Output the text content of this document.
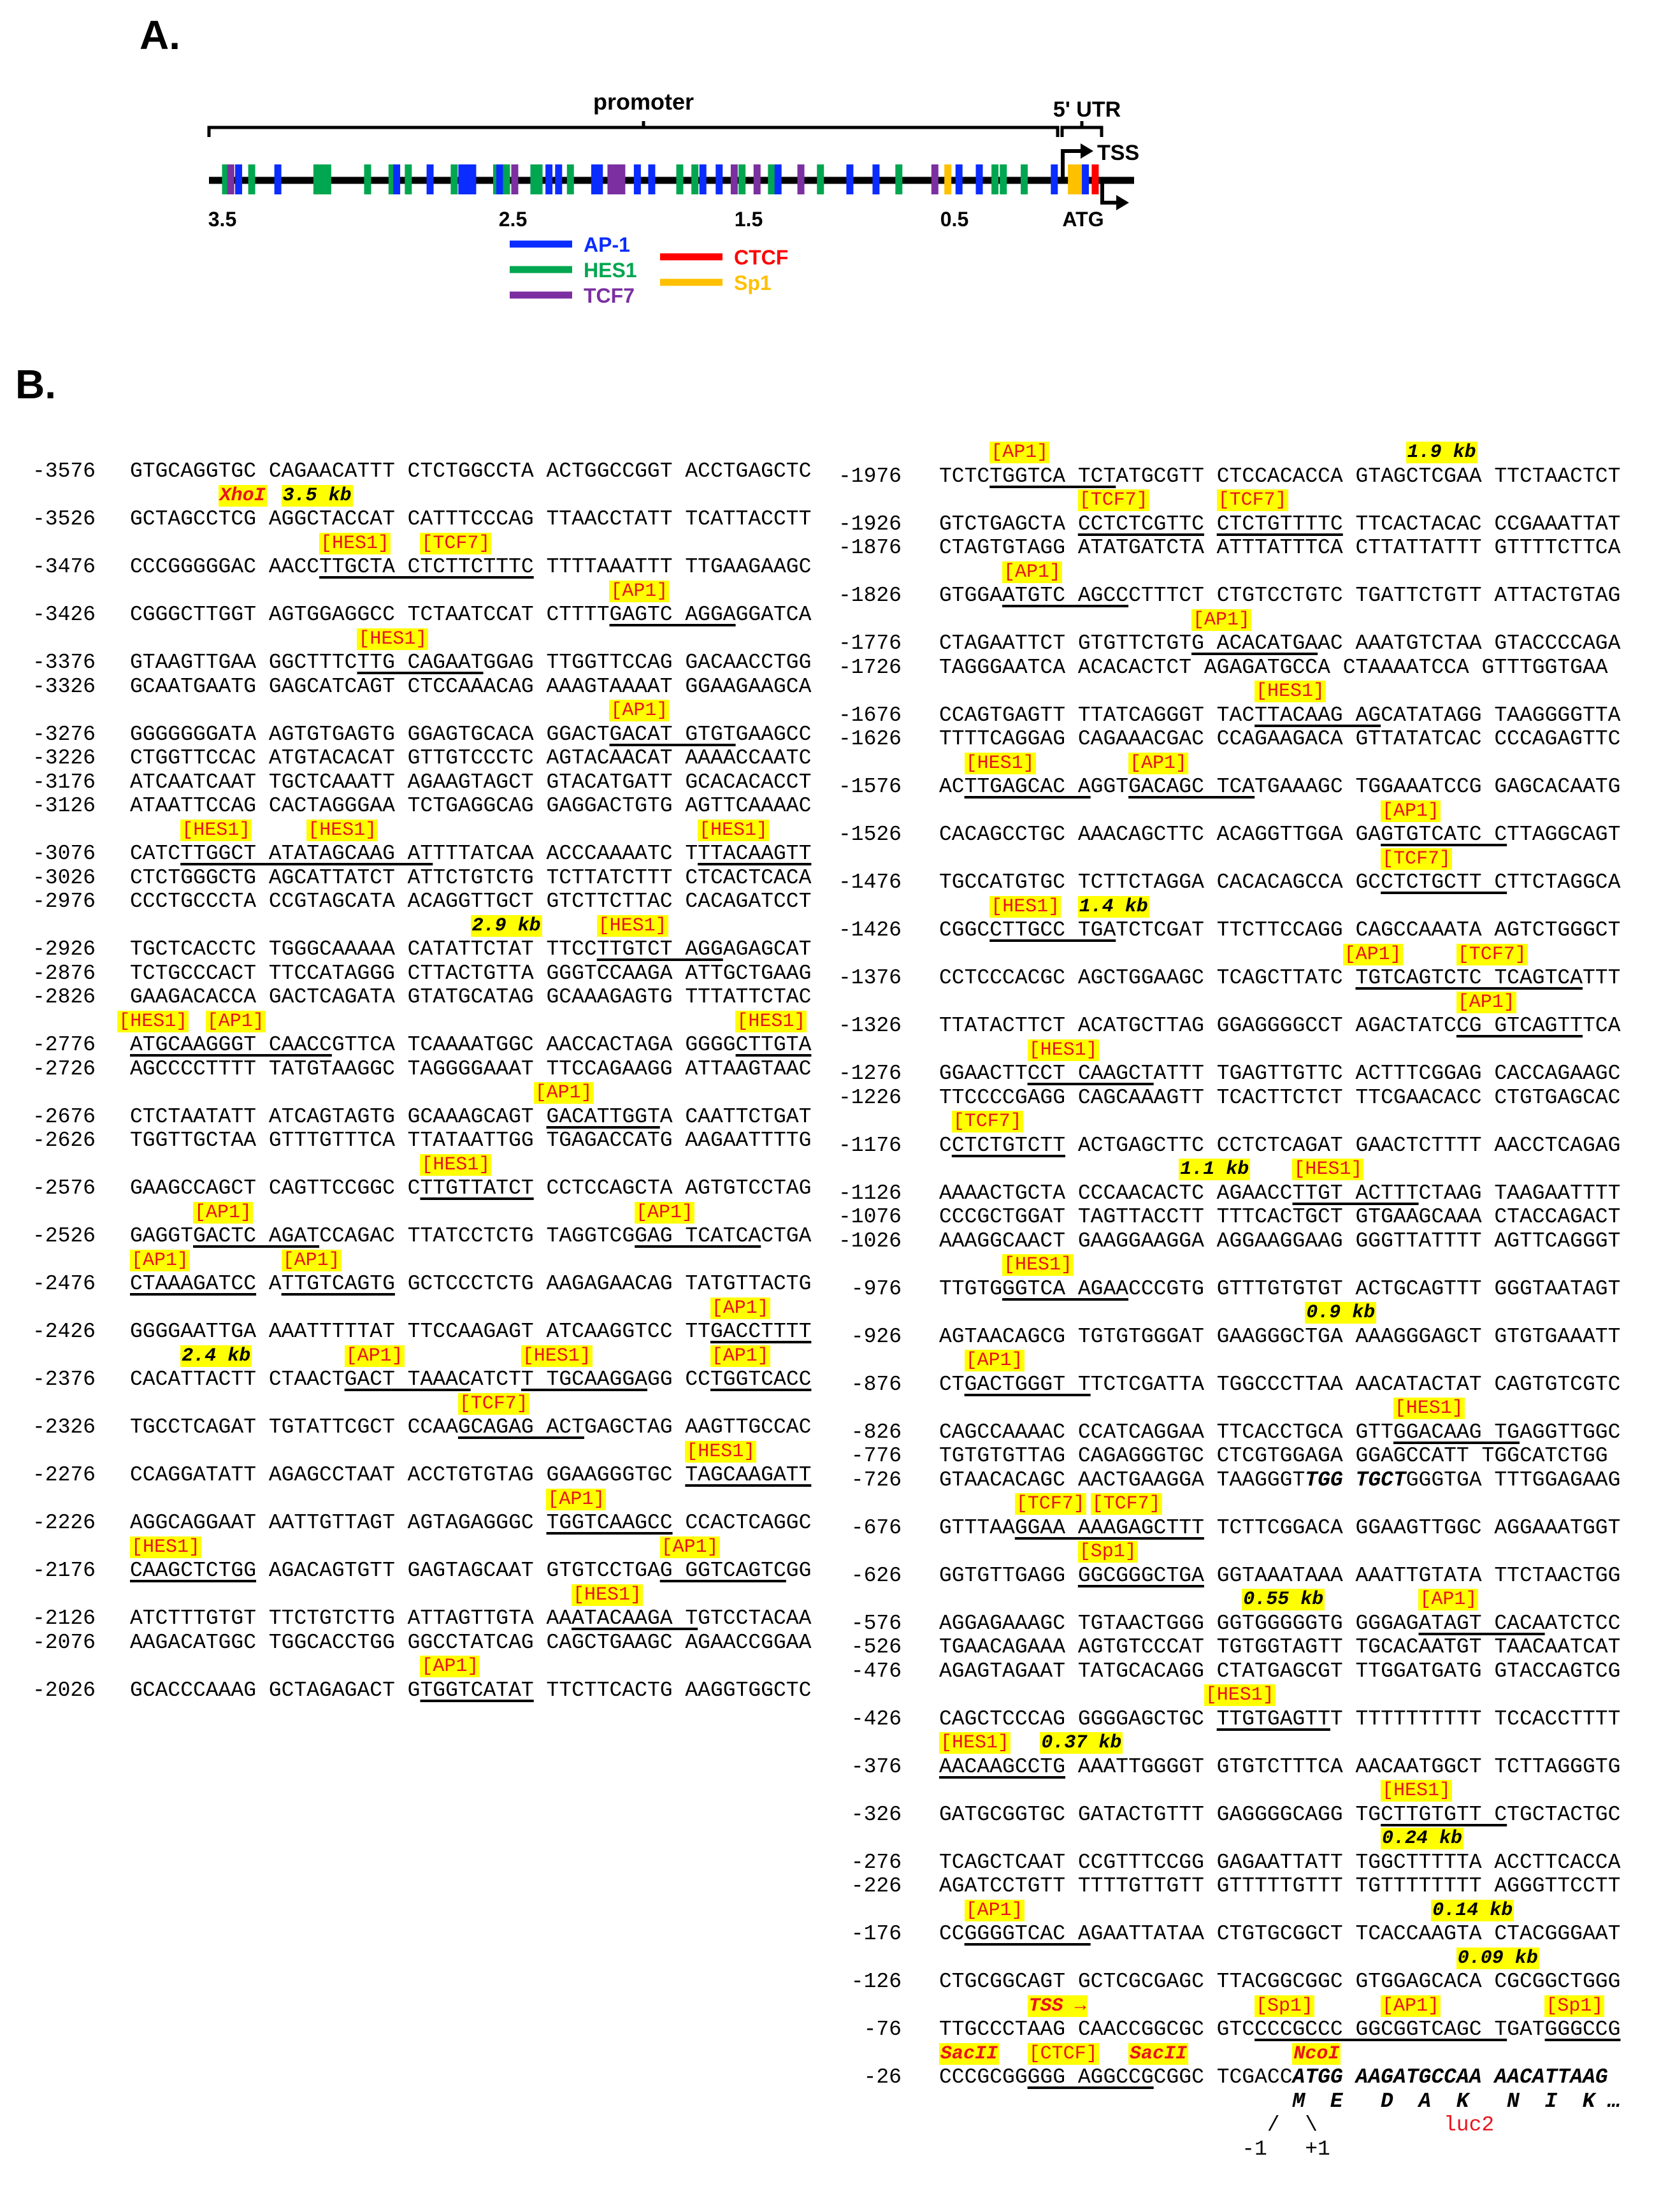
A.
promoter	5' UTR
TSS
3.5	2.5	1.5	0.5	ATG
AP-1
HES1
TCF7
CTCF
Sp1
B.
-3576 GTGCAGGTGC CAGAACATTT CTCTGGCCTA ACTGGCCGGT ACCTGAGCTC
XhoI 3.5 kb
-3526 GCTAGCCTCG AGGCTACCAT CATTTCCCAG TTAACCTATT TCATTACCTT
[HES1] [TCF7]
-3476 CCCGGGGGAC AACCTTGCTA CTCTTCTTTC TTTTAAATTT TTGAAGAAGC
[AP1]
-3426 CGGGCTTGGT AGTGGAGGCC TCTAATCCAT CTTTTGAGTC AGGAGGATCA
[HES1]
-3376 GTAAGTTGAA GGCTTTCTTG CAGAATGGAG TTGGTTCCAG GACAACCTGG
-3326 GCAATGAATG GAGCATCAGT CTCCAAACAG AAAGTAAAAT GGAAGAAGCA
[AP1]
-3276 GGGGGGGATA AGTGTGAGTG GGAGTGCACA GGACTGACAT GTGTGAAGCC
-3226 CTGGTTCCAC ATGTACACAT GTTGTCCCTC AGTACAACAT AAAACCAATC
-3176 ATCAATCAAT TGCTCAAATT AGAAGTAGCT GTACATGATT GCACACACCT
-3126 ATAATTCCAG CACTAGGGAA TCTGAGGCAG GAGGACTGTG AGTTCAAAAC
[HES1]	[HES1]	[HES1]
-3076 CATCTTGGCT ATATAGCAAG ATTTTATCAA ACCCAAAATC TTTACAAGTT
-3026 CTCTGGGCTG AGCATTATCT ATTCTGTCTG TCTTATCTTT CTCACTCACA
-2976 CCCTGCCCTA CCGTAGCATA ACAGGTTGCT GTCTTCTTAC CACAGATCCT
2.9 kb	[HES1]
-2926 TGCTCACCTC TGGGCAAAAA CATATTCTAT TTCCTTGTCT AGGAGAGCAT
-2876 TCTGCCCACT TTCCATAGGG CTTACTGTTA GGGTCCAAGA ATTGCTGAAG
-2826 GAAGACACCA GACTCAGATA GTATGCATAG GCAAAGAGTG TTTATTCTAC
[HES1] [AP1]	[HES1]
-2776 ATGCAAGGGT CAACCGTTCA TCAAAATGGC AACCACTAGA GGGGCTTGTA
-2726 AGCCCCTTTT TATGTAAGGC TAGGGGAAAT TTCCAGAAGG ATTAAGTAAC
[AP1]
-2676 CTCTAATATT ATCAGTAGTG GCAAAGCAGT GACATTGGTA CAATTCTGAT
-2626 TGGTTGCTAA GTTTGTTTCA TTATAATTGG TGAGACCATG AAGAATTTTG
[HES1]
-2576 GAAGCCAGCT CAGTTCCGGC CTTGTTATCT CCTCCAGCTA AGTGTCCTAG
[AP1]	[AP1]
-2526 GAGGTGACTC AGATCCAGAC TTATCCTCTG TAGGTCGGAG TCATCACTGA
[AP1]	[AP1]
-2476 CTAAAGATCC ATTGTCAGTG GCTCCCTCTG AAGAGAACAG TATGTTACTG
[AP1]
-2426 GGGGAATTGA AAATTTTTAT TTCCAAGAGT ATCAAGGTCC TTGACCTTTT
2.4 kb	[AP1]	[HES1]	[AP1]
-2376 CACATTACTT CTAACTGACT TAAACATCTT TGCAAGGAGG CCTGGTCACC
[TCF7]
-2326 TGCCTCAGAT TGTATTCGCT CCAAGCAGAG ACTGAGCTAG AAGTTGCCAC
[HES1]
-2276 CCAGGATATT AGAGCCTAAT ACCTGTGTAG GGAAGGGTGC TAGCAAGATT
[AP1]
-2226 AGGCAGGAAT AATTGTTAGT AGTAGAGGGC TGGTCAAGCC CCACTCAGGC
[HES1]	[AP1]
-2176 CAAGCTCTGG AGACAGTGTT GAGTAGCAAT GTGTCCTGAG GGTCAGTCGG
[HES1]
-2126 ATCTTTGTGT TTCTGTCTTG ATTAGTTGTA AAATACAAGA TGTCCTACAA
-2076 AAGACATGGC TGGCACCTGG GGCCTATCAG CAGCTGAAGC AGAACCGGAA
[AP1]
-2026 GCACCCAAAG GCTAGAGACT GTGGTCATAT TTCTTCACTG AAGGTGGCTC
[AP1]	1.9 kb
-1976 TCTCTGGTCA TCTATGCGTT CTCCACACCA GTAGCTCGAA TTCTAACTCT
[TCF7]	[TCF7]
-1926 GTCTGAGCTA CCTCTCGTTC CTCTGTTTTC TTCACTACAC CCGAAATTAT
-1876 CTAGTGTAGG ATATGATCTA ATTTATTTCA CTTATTATTT GTTTTCTTCA
[AP1]
-1826 GTGGAATGTC AGCCCTTTCT CTGTCCTGTC TGATTCTGTT ATTACTGTAG
[AP1]
-1776 CTAGAATTCT GTGTTCTGTG ACACATGAAC AAATGTCTAA GTACCCCAGA
-1726 TAGGGAATCA ACACACTCT AGAGATGCCA CTAAAATCCA GTTTGGTGAA
[HES1]
-1676 CCAGTGAGTT TTATCAGGGT TACTTACAAG AGCATATAGG TAAGGGGTTA
-1626 TTTTCAGGAG CAGAAACGAC CCAGAAGACA GTTATATCAC CCCAGAGTTC
[HES1]	[AP1]
-1576 ACTTGAGCAC AGGTGACAGC TCATGAAAGC TGGAAATCCG GAGCACAATG
[AP1]
-1526 CACAGCCTGC AAACAGCTTC ACAGGTTGGA GAGTGTCATC CTTAGGCAGT
[TCF7]
-1476 TGCCATGTGC TCTTCTAGGA CACACAGCCA GCCTCTGCTT CTTCTAGGCA
[HES1] 1.4 kb
-1426 CGGCCTTGCC TGATCTCGAT TTCTTCCAGG CAGCCAAATA AGTCTGGGCT
[AP1]	[TCF7]
-1376 CCTCCCACGC AGCTGGAAGC TCAGCTTATC TGTCAGTCTC TCAGTCATTT
[AP1]
-1326 TTATACTTCT ACATGCTTAG GGAGGGGCCT AGACTATCCG GTCAGTTTCA
[HES1]
-1276 GGAACTTCCT CAAGCTATTT TGAGTTGTTC ACTTTCGGAG CACCAGAAGC
-1226 TTCCCCGAGG CAGCAAAGTT TCACTTCTCT TTCGAACACC CTGTGAGCAC
[TCF7]
-1176 CCTCTGTCTT ACTGAGCTTC CCTCTCAGAT GAACTCTTTT AACCTCAGAG
1.1 kb [HES1]
-1126 AAAACTGCTA CCCAACACTC AGAACCTTGT ACTTTCTAAG TAAGAATTTT
-1076 CCCGCTGGAT TAGTTACCTT TTTCACTGCT GTGAAGCAAA CTACCAGACT
-1026 AAAGGCAACT GAAGGAAGGA AGGAAGGAAG GGGTTATTTT AGTTCAGGGT
[HES1]
-976 TTGTGGGTCA AGAACCCGTG GTTTGTGTGT ACTGCAGTTT GGGTAATAGT
0.9 kb
-926 AGTAACAGCG TGTGTGGGAT GAAGGGCTGA AAAGGGAGCT GTGTGAAATT
[AP1]
-876 CTGACTGGGT TTCTCGATTA TGGCCCTTAA AACATACTAT CAGTGTCGTC
[HES1]
-826 CAGCCAAAAC CCATCAGGAA TTCACCTGCA GTTGGACAAG TGAGGTTGGC
-776 TGTGTGTTAG CAGAGGGTGC CTCGTGGAGA GGAGCCATT TGGCATCTGG
-726 GTAACACAGC AACTGAAGGA TAAGGGTTGG TGCTGGGTGA TTTGGAGAAG
[TCF7] [TCF7]
-676 GTTTAAGGAA AAAGAGCTTT TCTTCGGACA GGAAGTTGGC AGGAAATGGT
[Sp1]
-626 GGTGTTGAGG GGCGGGCTGA GGTAAATAAA AAATTGTATA TTCTAACTGG
0.55 kb	[AP1]
-576 AGGAGAAAGC TGTAACTGGG GGTGGGGGTG GGGAGATAGT CACAATCTCC
-526 TGAACAGAAA AGTGTCCCAT TGTGGTAGTT TGCACAATGT TAACAATCAT
-476 AGAGTAGAAT TATGCACAGG CTATGAGCGT TTGGATGATG GTACCAGTCG
[HES1]
-426 CAGCTCCCAG GGGGAGCTGC TTGTGAGTTT TTTTTTTTTT TCCACCTTTT
[HES1] 0.37 kb
-376 AACAAGCCTG AAATTGGGGT GTGTCTTTCA AACAATGGCT TCTTAGGGTG
[HES1]
-326 GATGCGGTGC GATACTGTTT GAGGGGCAGG TGCTTGTGTT CTGCTACTGC
0.24 kb
-276 TCAGCTCAAT CCGTTTCCGG GAGAATTATT TGGCTTTTTA ACCTTCACCA
-226 AGATCCTGTT TTTTGTTGTT GTTTTTGTTT TGTTTTTTTT AGGGTTCCTT
[AP1]	0.14 kb
-176 CCGGGGTCAC AGAATTATAA CTGTGCGGCT TCACCAAGTA CTACGGGAAT
0.09 kb
-126 CTGCGGCAGT GCTCGCGAGC TTACGGCGGC GTGGAGCACA CGCGGCTGGG
TSS →	[Sp1]	[AP1]	[Sp1]
-76 TTGCCCTAAG CAACCGGCGC GTCCCCGCCC GGCGGTCAGC TGATGGGCCG
SacII [CTCF] SacII	NcoI
-26 CCCGCGGGGG AGGCCGCGGC TCGACCATGG AAGATGCCAA AACATTAAG
M E D A K N I K …
/ \	luc2
-1 +1
